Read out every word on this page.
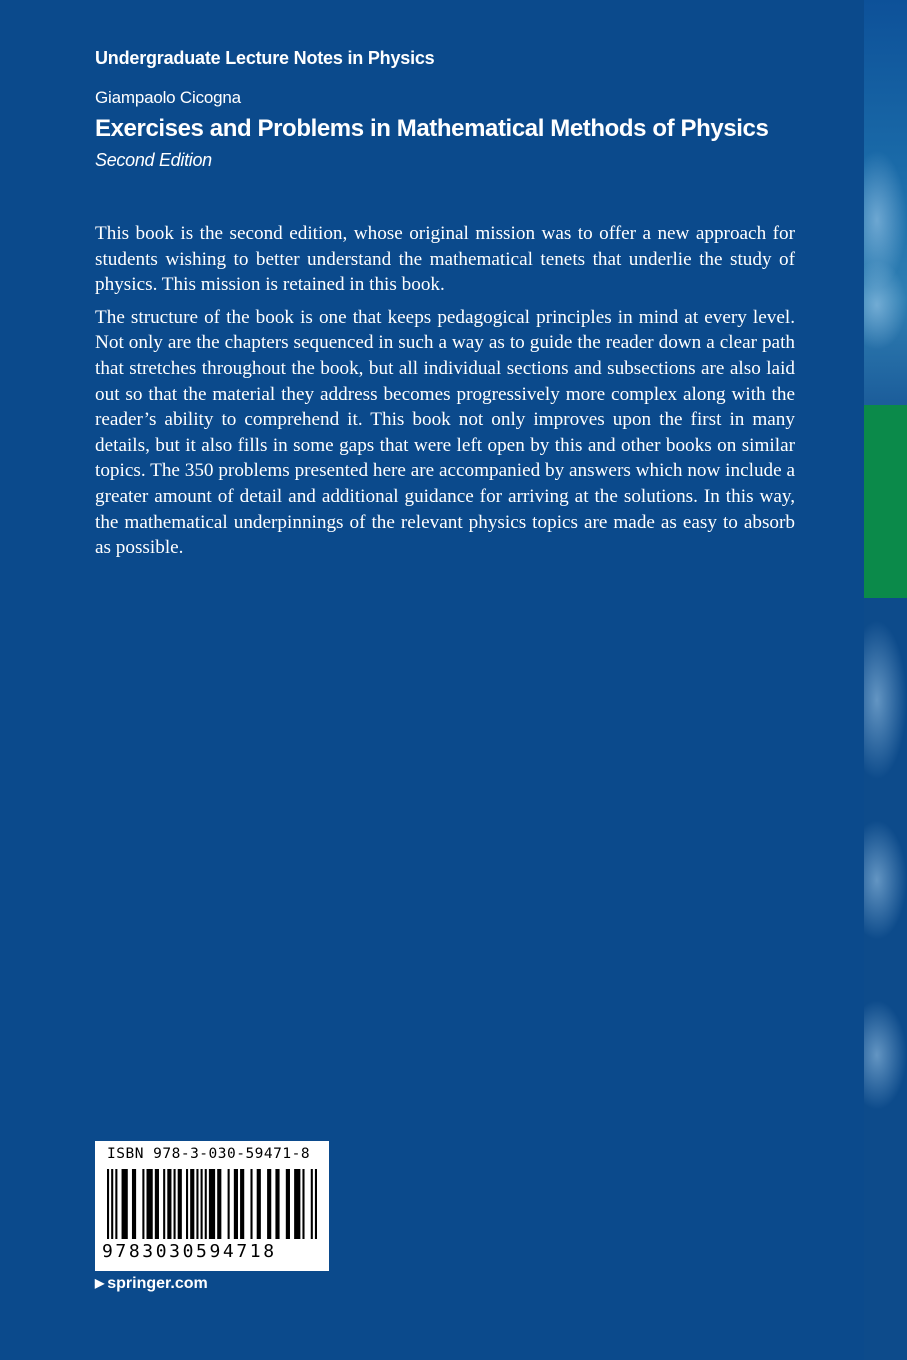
Undergraduate Lecture Notes in Physics
Giampaolo Cicogna
Exercises and Problems in Mathematical Methods of Physics
Second Edition

This book is the second edition, whose original mission was to offer a new approach for students wishing to better understand the mathematical tenets that underlie the study of physics. This mission is retained in this book.

The structure of the book is one that keeps pedagogical principles in mind at every level. Not only are the chapters sequenced in such a way as to guide the reader down a clear path that stretches throughout the book, but all individual sections and subsections are also laid out so that the material they address becomes progressively more complex along with the reader’s ability to comprehend it. This book not only improves upon the first in many details, but it also fills in some gaps that were left open by this and other books on similar topics. The 350 problems presented here are accompanied by answers which now include a greater amount of detail and additional guidance for arriving at the solutions. In this way, the mathematical underpinnings of the relevant physics topics are made as easy to absorb as possible.

ISBN 978-3-030-59471-8
9783030594718
▶ springer.com
